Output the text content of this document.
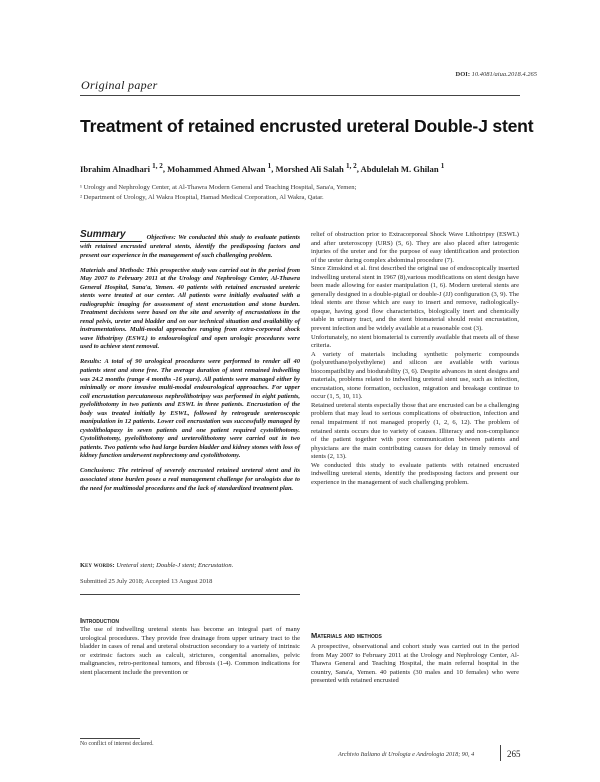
DOI: 10.4081/aiua.2018.4.265
Original paper
Treatment of retained encrusted ureteral Double-J stent
Ibrahim Alnadhari $^{1, 2}$, Mohammed Ahmed Alwan $^1$, Morshed Ali Salah $^{1, 2}$, Abdulelah M. Ghilan $^1$
¹ Urology and Nephrology Center, at Al-Thawra Modern General and Teaching Hospital, Sana'a, Yemen;
² Department of Urology, Al Wakra Hospital, Hamad Medical Corporation, Al Wakra, Qatar.
Summary	Objectives: We conducted this study to evaluate patients with retained encrusted ureteral stents, identify the predisposing factors and present our experience in the management of such challenging problem.

Materials and Methods: This prospective study was carried out in the period from May 2007 to February 2011 at the Urology and Nephrology Center, Al-Thawra General Hospital, Sana'a, Yemen. 40 patients with retained encrusted ureteric stents were treated at our center. All patients were initially evaluated with a radiographic imaging for assessment of stent encrustation and stone burden. Treatment decisions were based on the site and severity of encrustations in the renal pelvis, ureter and bladder and on our technical situation and availability of instrumentations. Multi-modal approaches ranging from extra-corporeal shock wave lithotripsy (ESWL) to endourological and open urologic procedures were used to achieve stent removal.

Results: A total of 90 urological procedures were performed to render all 40 patients stent and stone free. The average duration of stent remained indwelling was 24.2 months (range 4 months -16 years). All patients were managed either by minimally or more invasive multi-modal endourological approaches. For upper coil encrustation percutaneous nephrolithotripsy was performed in eight patients, pyelolithotomy in two patients and ESWL in three patients. Encrustation of the body was treated initially by ESWL, followed by retrograde ureteroscopic manipulation in 12 patients. Lower coil encrustation was successfully managed by cystolitholapaxy in seven patients and one patient required cystolithotomy. Cystolithotomy, pyelolithotomy and ureterolithotomy were carried out in two patients. Two patients who had large burden bladder and kidney stones with loss of kidney function underwent nephrectomy and cystolithotomy.

Conclusions: The retrieval of severely encrusted retained ureteral stent and its associated stone burden poses a real management challenge for urologists due to the need for multimodal procedures and the lack of standardized treatment plan.

Key words: Ureteral stent; Double-J stent; Encrustation.
Submitted 25 July 2018; Accepted 13 August 2018
Introduction
The use of indwelling ureteral stents has become an integral part of many urological procedures. They provide free drainage from upper urinary tract to the bladder in cases of renal and ureteral obstruction secondary to a variety of intrinsic or extrinsic factors such as calculi, strictures, congenital anomalies, pelvic malignancies, retro-peritoneal tumors, and fibrosis (1-4). Common indications for stent placement include the prevention or

relief of obstruction prior to Extracorporeal Shock Wave Lithotripsy (ESWL) and after ureteroscopy (URS) (5, 6). They are also placed after iatrogenic injuries of the ureter and for the purpose of easy identification and protection of the ureter during complex abdominal procedure (7).

Since Zimskind et al. first described the original use of endoscopically inserted indwelling ureteral stent in 1967 (8),various modifications on stent design have been made allowing for easier manipulation (1, 6). Modern ureteral stents are generally designed in a double-pigtail or double-J (JJ) configuration (3, 9). The ideal stents are those which are easy to insert and remove, radiologically-opaque, having good flow characteristics, biologically inert and chemically stable in urinary tract, and the stent biomaterial should resist encrustation, prevent infection and be widely available at a reasonable cost (3).

Unfortunately, no stent biomaterial is currently available that meets all of these criteria.

A variety of materials including synthetic polymeric compounds (polyurethane/polyethylene) and silicon are available with various biocompatibility and biodurability (3, 6). Despite advances in stent designs and materials, problems related to indwelling ureteral stent use, such as infection, encrustation, stone formation, occlusion, migration and breakage continue to occur (1, 5, 10, 11).

Retained ureteral stents especially those that are encrusted can be a challenging problem that may lead to serious complications of obstruction, infection and renal impairment if not managed properly (1, 2, 6, 12). The problem of retained stents occurs due to variety of causes. Illiteracy and non-compliance of the patient together with poor communication between patients and physicians are the main contributing causes for delay in timely removal of stents (2, 13).

We conducted this study to evaluate patients with retained encrusted indwelling ureteral stents, identify the predisposing factors and present our experience in the management of such challenging problem.

Materials and methods
A prospective, observational and cohort study was carried out in the period from May 2007 to February 2011 at the Urology and Nephrology Center, Al-Thawra General and Teaching Hospital, the main referral hospital in the country, Sana'a, Yemen. 40 patients (30 males and 10 females) who were presented with retained encrusted
No conflict of interest declared.
Archivio Italiano di Urologia e Andrologia 2018; 90, 4	265
